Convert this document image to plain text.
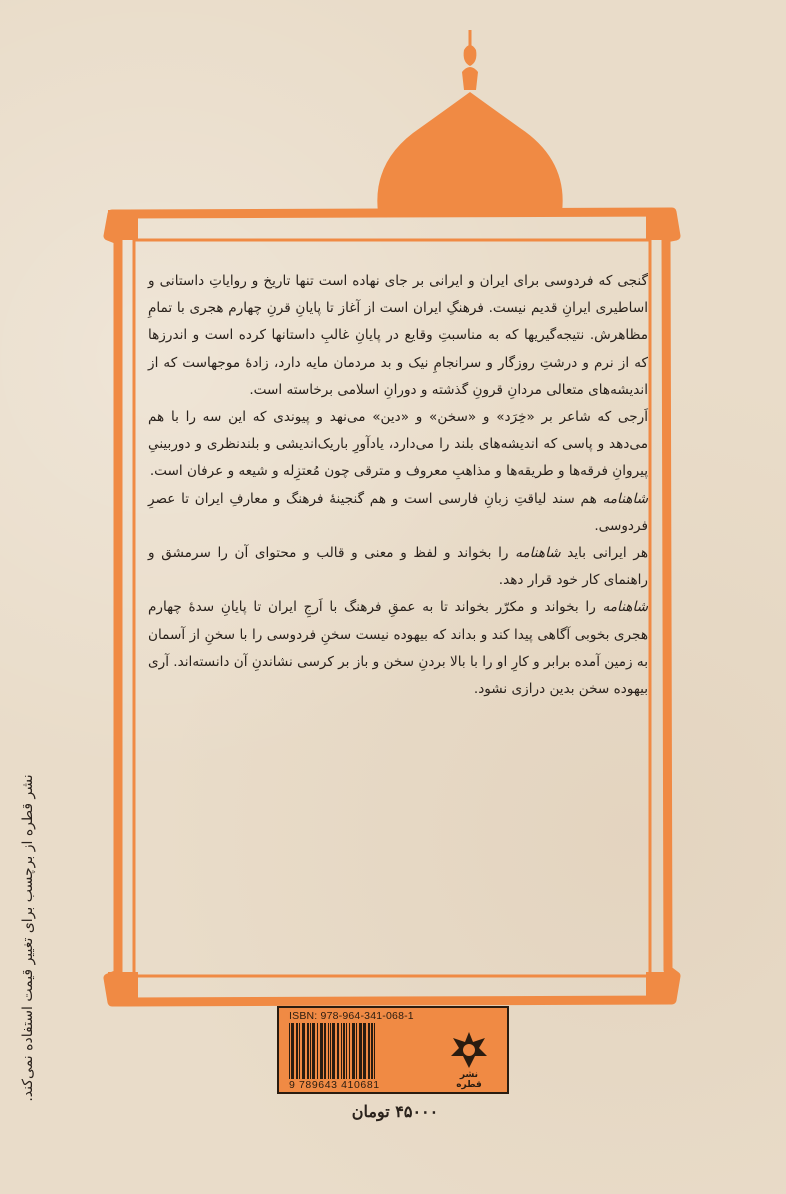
گنجی که فردوسی برای ایران و ایرانی بر جای نهاده است تنها تاریخ و روایاتِ داستانی و اساطیری ایرانِ قدیم نیست. فرهنگِ ایران است از آغاز تا پایانِ قرنِ چهارم هجری با تمامِ مظاهرش. نتیجه‌گیریها که به مناسبتِ وقایع در پایانِ غالبِ داستانها کرده است و اندرزها که از نرم و درشتِ روزگار و سرانجامِ نیک و بد مردمان مایه دارد، زادهٔ موجهاست که از اندیشه‌های متعالی مردانِ قرونِ گذشته و دورانِ اسلامی برخاسته است.

اَرجی که شاعر بر «خِرَد» و «سخن» و «دین» می‌نهد و پیوندی که این سه را با هم می‌دهد و پاسی که اندیشه‌های بلند را می‌دارد، یادآورِ باریک‌اندیشی و بلندنظری و دوربینیِ پیروانِ فرقه‌ها و طریقه‌ها و مذاهبِ معروف و مترقی چون مُعتزِله و شیعه و عرفان است.

شاهنامه هم سند لیاقتِ زبانِ فارسی است و هم گنجینهٔ فرهنگ و معارفِ ایران تا عصرِ فردوسی.

هر ایرانی باید شاهنامه را بخواند و لفظ و معنی و قالب و محتوای آن را سرمشق و راهنمای کار خود قرار دهد.

شاهنامه را بخواند و مکرّر بخواند تا به عمقِ فرهنگ با اَرجِ ایران تا پایانِ سدهٔ چهارم هجری بخوبی آگاهی پیدا کند و بداند که بیهوده نیست سخنِ فردوسی را با سخنِ از آسمان به زمین آمده برابر و کارِ او را با بالا بردنِ سخن و باز بر کرسی نشاندنِ آن دانسته‌اند. آری بیهوده سخن بدین درازی نشود.

نشر قطره از برچسب برای تغییر قیمت استفاده نمی‌کند.	ISBN: 978-964-341-068-1
9 789643 410681
نشر قطره
۴۵۰۰۰ تومان
